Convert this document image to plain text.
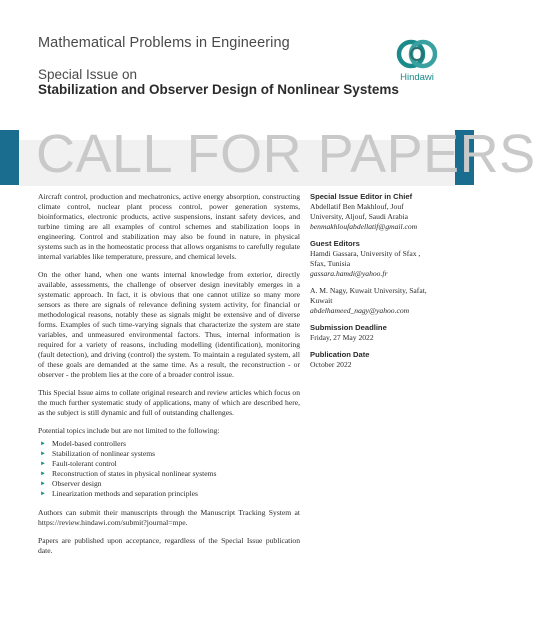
Mathematical Problems in Engineering
Special Issue on
Stabilization and Observer Design of Nonlinear Systems
Hindawi
CALL FOR PAPERS

Aircraft control, production and mechatronics, active energy absorption, constructing climate control, nuclear plant process control, power generation systems, bioinformatics, electronic products, active suspensions, instant safety devices, and turbine timing are all examples of control schemes and stabilization loops in engineering. Control and stabilization may also be found in nature, in physical systems such as in the homeostatic process that allows organisms to carefully regulate internal variables like temperature, pressure, and chemical levels.

On the other hand, when one wants internal knowledge from exterior, directly available, assessments, the challenge of observer design inevitably emerges in a systematic approach. In fact, it is obvious that one cannot utilize so many more sensors as there are signals of relevance defining system activity, for financial or methodological reasons, notably these as signals might be extensive and of diverse forms. Examples of such time-varying signals that characterize the system are state variables, and unmeasured environmental factors. Thus, internal information is required for a variety of reasons, including modelling (identification), monitoring (fault detection), and driving (control) the system. To maintain a regulated system, all of these goals are demanded at the same time. As a result, the reconstruction - or observer - the problem lies at the core of a broader control issue.

This Special Issue aims to collate original research and review articles which focus on the much further systematic study of applications, many of which are described here, as the subject is still dynamic and full of outstanding challenges.

Potential topics include but are not limited to the following:

► Model-based controllers
► Stabilization of nonlinear systems
► Fault-tolerant control
► Reconstruction of states in physical nonlinear systems
► Observer design
► Linearization methods and separation principles

Authors can submit their manuscripts through the Manuscript Tracking System at https://review.hindawi.com/submit?journal=mpe.

Papers are published upon acceptance, regardless of the Special Issue publication date.

Special Issue Editor in Chief
Abdellatif Ben Makhlouf, Jouf
University, Aljouf, Saudi Arabia
benmakhloufabdellatif@gmail.com
Guest Editors
Hamdi Gassara, University of Sfax ,
Sfax, Tunisia
gassara.hamdi@yahoo.fr
A. M. Nagy, Kuwait University, Safat,
Kuwait
abdelhameed_nagy@yahoo.com
Submission Deadline
Friday, 27 May 2022
Publication Date
October 2022
